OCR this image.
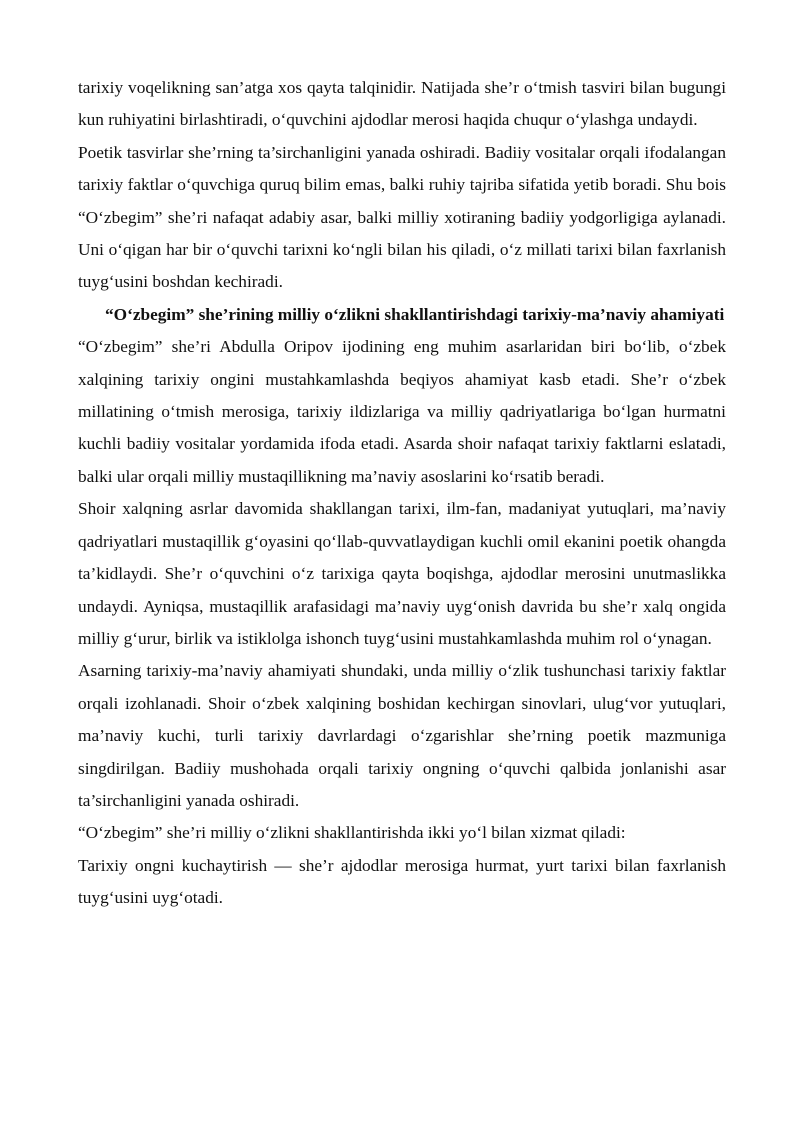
tarixiy voqelikning san’atga xos qayta talqinidir. Natijada she’r o‘tmish tasviri bilan bugungi kun ruhiyatini birlashtiradi, o‘quvchini ajdodlar merosi haqida chuqur o‘ylashga undaydi.

Poetik tasvirlar she’rning ta’sirchanligini yanada oshiradi. Badiiy vositalar orqali ifodalangan tarixiy faktlar o‘quvchiga quruq bilim emas, balki ruhiy tajriba sifatida yetib boradi. Shu bois “O‘zbegim” she’ri nafaqat adabiy asar, balki milliy xotiraning badiiy yodgorligiga aylanadi. Uni o‘qigan har bir o‘quvchi tarixni ko‘ngli bilan his qiladi, o‘z millati tarixi bilan faxrlanish tuyg‘usini boshdan kechiradi.

“O‘zbegim” she’rining milliy o‘zlikni shakllantirishdagi tarixiy-ma’naviy ahamiyati

“O‘zbegim” she’ri Abdulla Oripov ijodining eng muhim asarlaridan biri bo‘lib, o‘zbek xalqining tarixiy ongini mustahkamlashda beqiyos ahamiyat kasb etadi. She’r o‘zbek millatining o‘tmish merosiga, tarixiy ildizlariga va milliy qadriyatlariga bo‘lgan hurmatni kuchli badiiy vositalar yordamida ifoda etadi. Asarda shoir nafaqat tarixiy faktlarni eslatadi, balki ular orqali milliy mustaqillikning ma’naviy asoslarini ko‘rsatib beradi.

Shoir xalqning asrlar davomida shakllangan tarixi, ilm-fan, madaniyat yutuqlari, ma’naviy qadriyatlari mustaqillik g‘oyasini qo‘llab-quvvatlaydigan kuchli omil ekanini poetik ohangda ta’kidlaydi. She’r o‘quvchini o‘z tarixiga qayta boqishga, ajdodlar merosini unutmaslikka undaydi. Ayniqsa, mustaqillik arafasidagi ma’naviy uyg‘onish davrida bu she’r xalq ongida milliy g‘urur, birlik va istiklolga ishonch tuyg‘usini mustahkamlashda muhim rol o‘ynagan.

Asarning tarixiy-ma’naviy ahamiyati shundaki, unda milliy o‘zlik tushunchasi tarixiy faktlar orqali izohlanadi. Shoir o‘zbek xalqining boshidan kechirgan sinovlari, ulug‘vor yutuqlari, ma’naviy kuchi, turli tarixiy davrlardagi o‘zgarishlar she’rning poetik mazmuniga singdirilgan. Badiiy mushohada orqali tarixiy ongning o‘quvchi qalbida jonlanishi asar ta’sirchanligini yanada oshiradi.

“O‘zbegim” she’ri milliy o‘zlikni shakllantirishda ikki yo‘l bilan xizmat qiladi:

Tarixiy ongni kuchaytirish — she’r ajdodlar merosiga hurmat, yurt tarixi bilan faxrlanish tuyg‘usini uyg‘otadi.
